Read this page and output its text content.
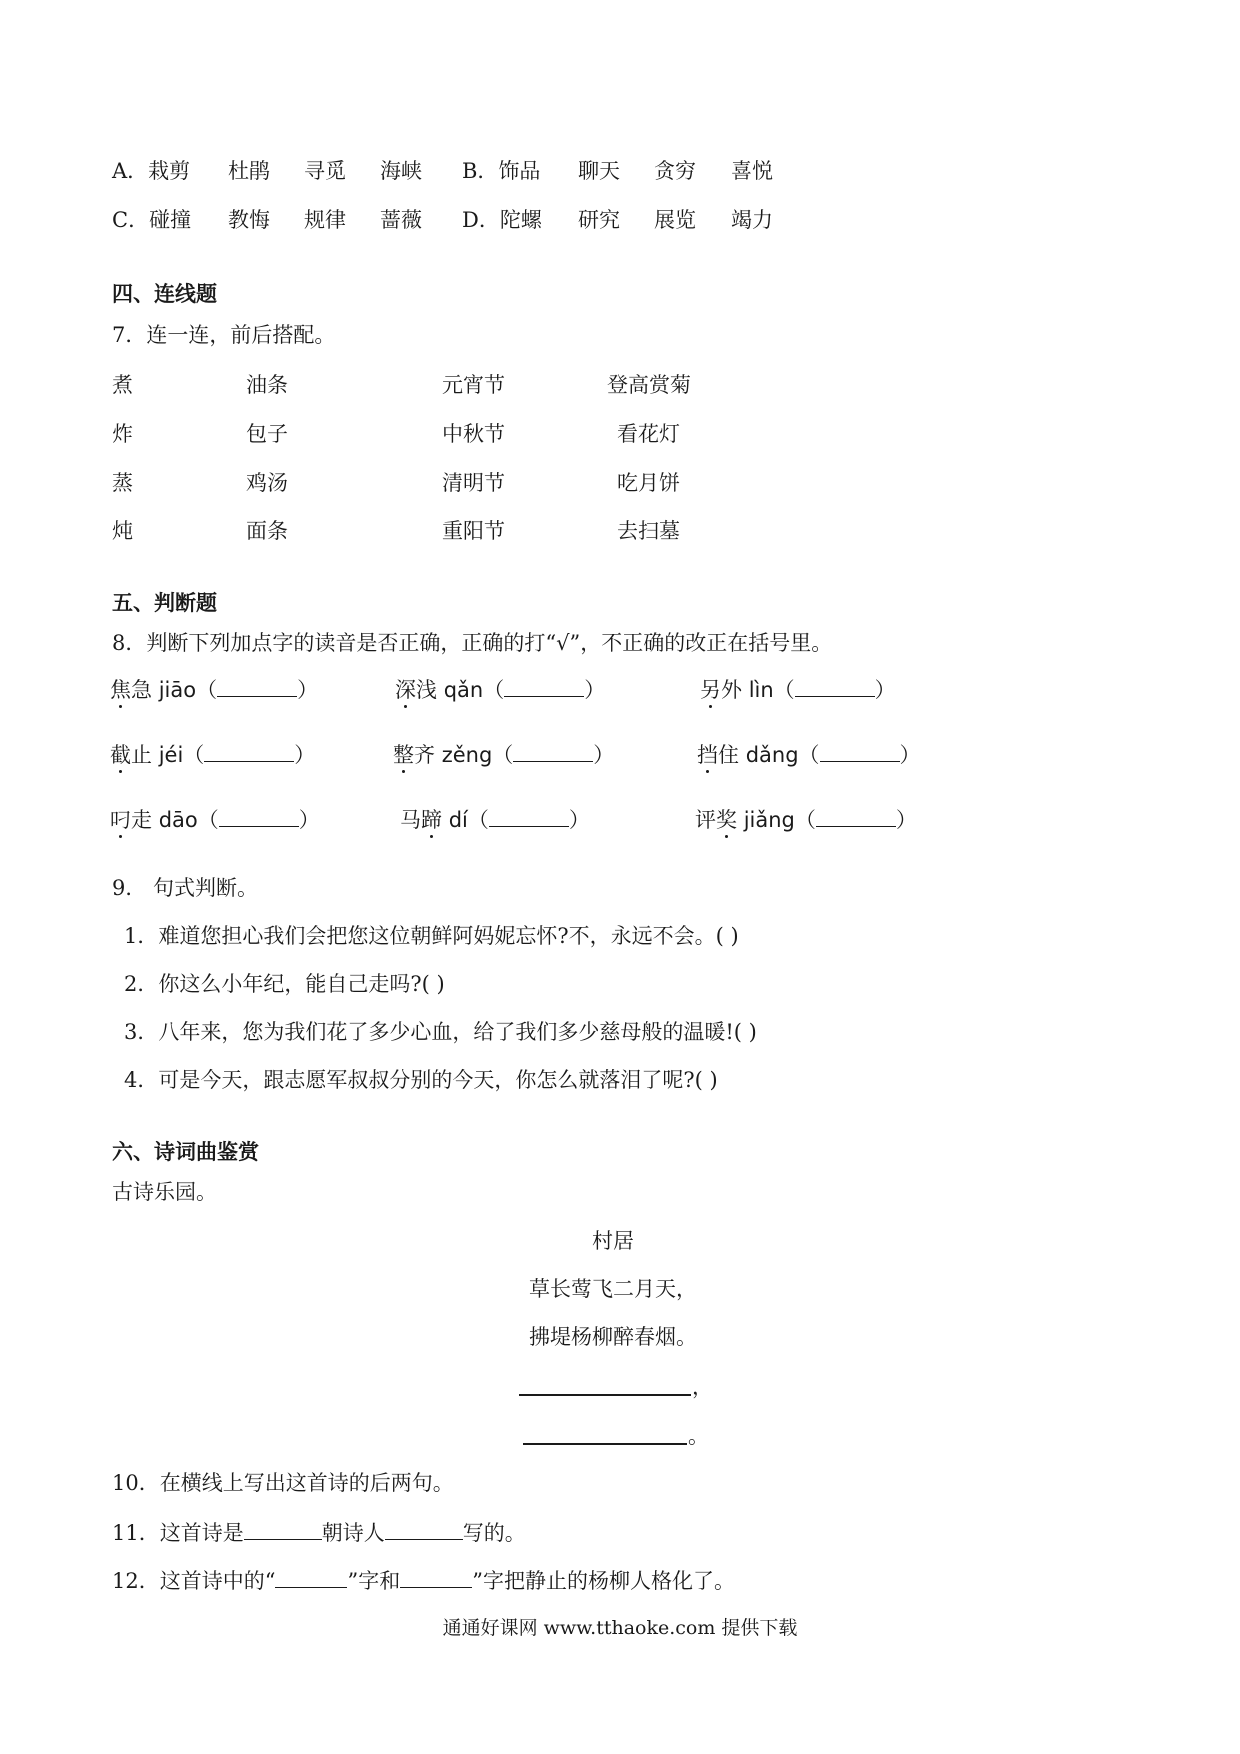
A．栽剪 杜鹃 寻觅 海峡 B．饰品 聊天 贪穷 喜悦
C．碰撞 教悔 规律 蔷薇 D．陀螺 研究 展览 竭力
四、连线题
7．连一连，前后搭配。
煮	油条	元宵节	登高赏菊
炸	包子	中秋节	看花灯
蒸	鸡汤	清明节	吃月饼
炖	面条	重阳节	去扫墓
五、判断题
8．判断下列加点字的读音是否正确，正确的打“√”，不正确的改正在括号里。
焦急 jiāo（	）	深浅 qǎn（	）	另外 lìn（	）
截止 jéi（	）	整齐 zěng（	）	挡住 dǎng（	）
叼走 dāo（	）	马蹄 dí（	）	评奖 jiǎng（	）
9． 句式判断。
1．难道您担心我们会把您这位朝鲜阿妈妮忘怀?不，永远不会。( )
2．你这么小年纪，能自己走吗?( )
3．八年来，您为我们花了多少心血，给了我们多少慈母般的温暖!( )
4．可是今天，跟志愿军叔叔分别的今天，你怎么就落泪了呢?( )
六、诗词曲鉴赏
古诗乐园。
村居
草长莺飞二月天，
拂堤杨柳醉春烟。
，
。
10．在横线上写出这首诗的后两句。
11．这首诗是	朝诗人	写的。
12．这首诗中的“	”字和	”字把静止的杨柳人格化了。
通通好课网 www.tthaoke.com 提供下载
